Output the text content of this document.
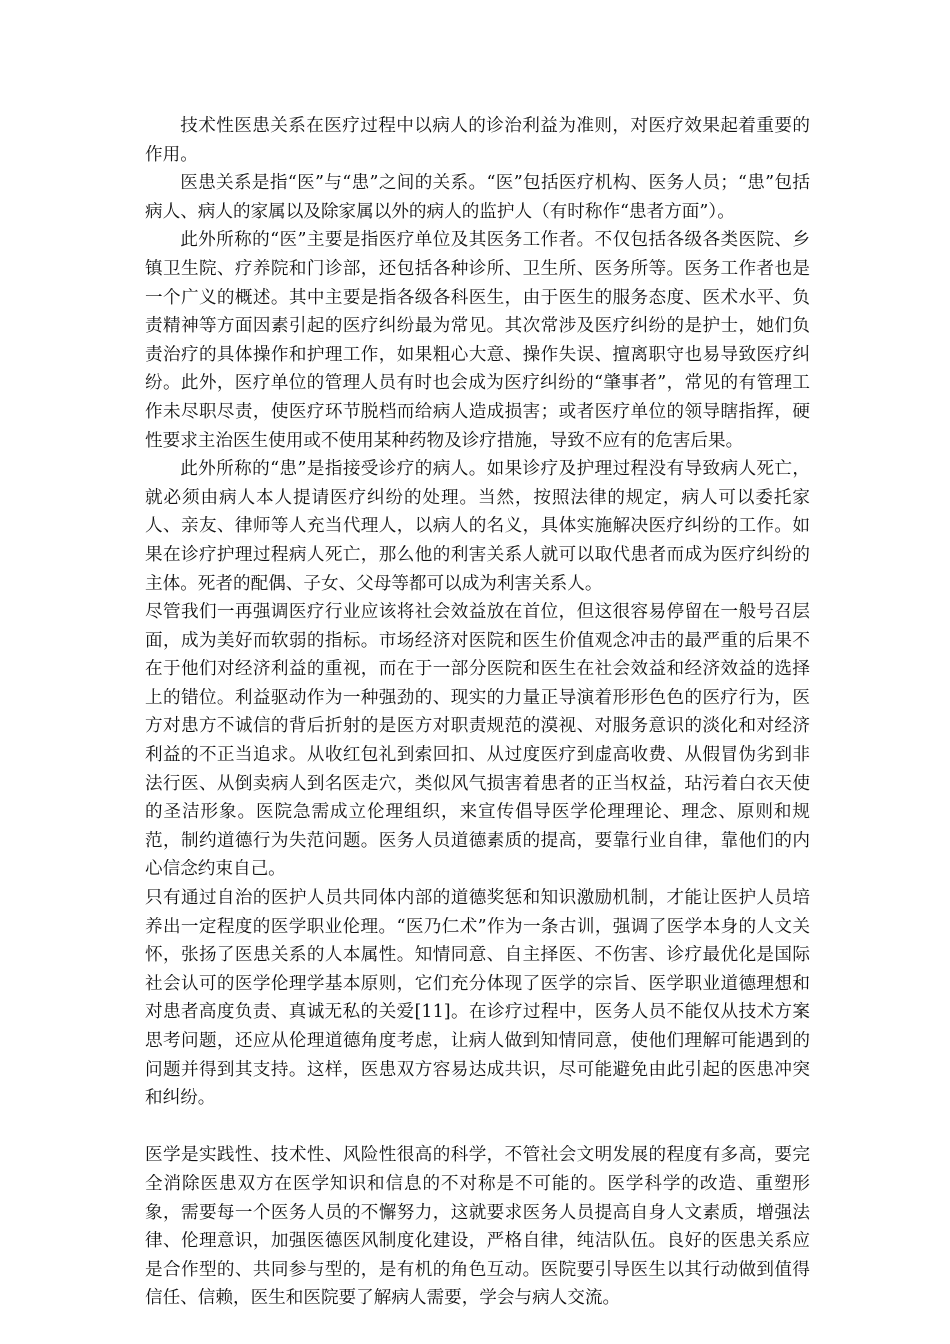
技术性医患关系在医疗过程中以病人的诊治利益为准则，对医疗效果起着重要的作用。

医患关系是指“医”与“患”之间的关系。“医”包括医疗机构、医务人员；“患”包括病人、病人的家属以及除家属以外的病人的监护人（有时称作“患者方面”）。

此外所称的“医”主要是指医疗单位及其医务工作者。不仅包括各级各类医院、乡镇卫生院、疗养院和门诊部，还包括各种诊所、卫生所、医务所等。医务工作者也是一个广义的概述。其中主要是指各级各科医生，由于医生的服务态度、医术水平、负责精神等方面因素引起的医疗纠纷最为常见。其次常涉及医疗纠纷的是护士，她们负责治疗的具体操作和护理工作，如果粗心大意、操作失误、擅离职守也易导致医疗纠纷。此外，医疗单位的管理人员有时也会成为医疗纠纷的“肇事者”，常见的有管理工作未尽职尽责，使医疗环节脱档而给病人造成损害；或者医疗单位的领导瞎指挥，硬性要求主治医生使用或不使用某种药物及诊疗措施，导致不应有的危害后果。

此外所称的“患”是指接受诊疗的病人。如果诊疗及护理过程没有导致病人死亡，就必须由病人本人提请医疗纠纷的处理。当然，按照法律的规定，病人可以委托家人、亲友、律师等人充当代理人，以病人的名义，具体实施解决医疗纠纷的工作。如果在诊疗护理过程病人死亡，那么他的利害关系人就可以取代患者而成为医疗纠纷的主体。死者的配偶、子女、父母等都可以成为利害关系人。

尽管我们一再强调医疗行业应该将社会效益放在首位，但这很容易停留在一般号召层面，成为美好而软弱的指标。市场经济对医院和医生价值观念冲击的最严重的后果不在于他们对经济利益的重视，而在于一部分医院和医生在社会效益和经济效益的选择上的错位。利益驱动作为一种强劲的、现实的力量正导演着形形色色的医疗行为，医方对患方不诚信的背后折射的是医方对职责规范的漠视、对服务意识的淡化和对经济利益的不正当追求。从收红包礼到索回扣、从过度医疗到虚高收费、从假冒伪劣到非法行医、从倒卖病人到名医走穴，类似风气损害着患者的正当权益，玷污着白衣天使的圣洁形象。医院急需成立伦理组织，来宣传倡导医学伦理理论、理念、原则和规范，制约道德行为失范问题。医务人员道德素质的提高，要靠行业自律，靠他们的内心信念约束自己。

只有通过自治的医护人员共同体内部的道德奖惩和知识激励机制，才能让医护人员培养出一定程度的医学职业伦理。“医乃仁术”作为一条古训，强调了医学本身的人文关怀，张扬了医患关系的人本属性。知情同意、自主择医、不伤害、诊疗最优化是国际社会认可的医学伦理学基本原则，它们充分体现了医学的宗旨、医学职业道德理想和对患者高度负责、真诚无私的关爱[11]。在诊疗过程中，医务人员不能仅从技术方案思考问题，还应从伦理道德角度考虑，让病人做到知情同意，使他们理解可能遇到的问题并得到其支持。这样，医患双方容易达成共识，尽可能避免由此引起的医患冲突和纠纷。

医学是实践性、技术性、风险性很高的科学，不管社会文明发展的程度有多高，要完全消除医患双方在医学知识和信息的不对称是不可能的。医学科学的改造、重塑形象，需要每一个医务人员的不懈努力，这就要求医务人员提高自身人文素质，增强法律、伦理意识，加强医德医风制度化建设，严格自律，纯洁队伍。良好的医患关系应是合作型的、共同参与型的，是有机的角色互动。医院要引导医生以其行动做到值得信任、信赖，医生和医院要了解病人需要，学会与病人交流。
